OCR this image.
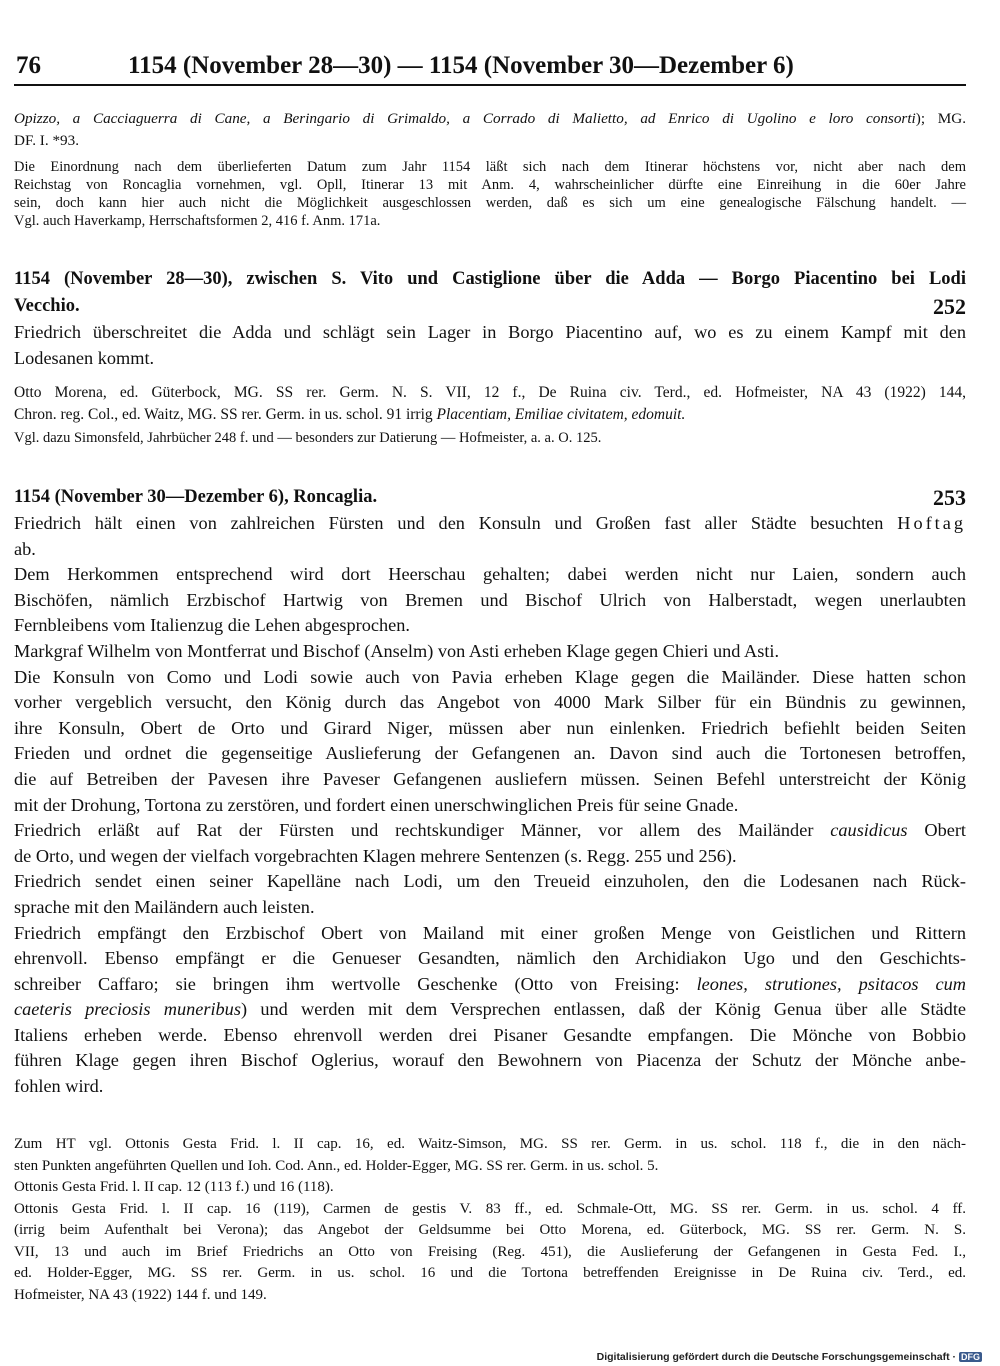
76	1154 (November 28—30) — 1154 (November 30—Dezember 6)
Opizzo, a Cacciaguerra di Cane, a Beringario di Grimaldo, a Corrado di Malietto, ad Enrico di Ugolino e loro consorti); MG.
DF. I. *93.
Die Einordnung nach dem überlieferten Datum zum Jahr 1154 läßt sich nach dem Itinerar höchstens vor, nicht aber nach dem
Reichstag von Roncaglia vornehmen, vgl. Opll, Itinerar 13 mit Anm. 4, wahrscheinlicher dürfte eine Einreihung in die 60er Jahre
sein, doch kann hier auch nicht die Möglichkeit ausgeschlossen werden, daß es sich um eine genealogische Fälschung handelt. —
Vgl. auch Haverkamp, Herrschaftsformen 2, 416 f. Anm. 171a.
1154 (November 28—30), zwischen S. Vito und Castiglione über die Adda — Borgo Piacentino bei Lodi
Vecchio.	252
Friedrich überschreitet die Adda und schlägt sein Lager in Borgo Piacentino auf, wo es zu einem Kampf mit den
Lodesanen kommt.
Otto Morena, ed. Güterbock, MG. SS rer. Germ. N. S. VII, 12 f., De Ruina civ. Terd., ed. Hofmeister, NA 43 (1922) 144,
Chron. reg. Col., ed. Waitz, MG. SS rer. Germ. in us. schol. 91 irrig Placentiam, Emiliae civitatem, edomuit.
Vgl. dazu Simonsfeld, Jahrbücher 248 f. und — besonders zur Datierung — Hofmeister, a. a. O. 125.
1154 (November 30—Dezember 6), Roncaglia.	253
Friedrich hält einen von zahlreichen Fürsten und den Konsuln und Großen fast aller Städte besuchten Hoftag
ab.
Dem Herkommen entsprechend wird dort Heerschau gehalten; dabei werden nicht nur Laien, sondern auch
Bischöfen, nämlich Erzbischof Hartwig von Bremen und Bischof Ulrich von Halberstadt, wegen unerlaubten
Fernbleibens vom Italienzug die Lehen abgesprochen.
Markgraf Wilhelm von Montferrat und Bischof (Anselm) von Asti erheben Klage gegen Chieri und Asti.
Die Konsuln von Como und Lodi sowie auch von Pavia erheben Klage gegen die Mailänder. Diese hatten schon
vorher vergeblich versucht, den König durch das Angebot von 4000 Mark Silber für ein Bündnis zu gewinnen,
ihre Konsuln, Obert de Orto und Girard Niger, müssen aber nun einlenken. Friedrich befiehlt beiden Seiten
Frieden und ordnet die gegenseitige Auslieferung der Gefangenen an. Davon sind auch die Tortonesen betroffen,
die auf Betreiben der Pavesen ihre Paveser Gefangenen ausliefern müssen. Seinen Befehl unterstreicht der König
mit der Drohung, Tortona zu zerstören, und fordert einen unerschwinglichen Preis für seine Gnade.
Friedrich erläßt auf Rat der Fürsten und rechtskundiger Männer, vor allem des Mailänder causidicus Obert
de Orto, und wegen der vielfach vorgebrachten Klagen mehrere Sentenzen (s. Regg. 255 und 256).
Friedrich sendet einen seiner Kapelläne nach Lodi, um den Treueid einzuholen, den die Lodesanen nach Rück-
sprache mit den Mailändern auch leisten.
Friedrich empfängt den Erzbischof Obert von Mailand mit einer großen Menge von Geistlichen und Rittern
ehrenvoll. Ebenso empfängt er die Genueser Gesandten, nämlich den Archidiakon Ugo und den Geschichts-
schreiber Caffaro; sie bringen ihm wertvolle Geschenke (Otto von Freising: leones, strutiones, psitacos cum
caeteris preciosis muneribus) und werden mit dem Versprechen entlassen, daß der König Genua über alle Städte
Italiens erheben werde. Ebenso ehrenvoll werden drei Pisaner Gesandte empfangen. Die Mönche von Bobbio
führen Klage gegen ihren Bischof Oglerius, worauf den Bewohnern von Piacenza der Schutz der Mönche anbe-
fohlen wird.
Zum HT vgl. Ottonis Gesta Frid. l. II cap. 16, ed. Waitz-Simson, MG. SS rer. Germ. in us. schol. 118 f., die in den näch-
sten Punkten angeführten Quellen und Ioh. Cod. Ann., ed. Holder-Egger, MG. SS rer. Germ. in us. schol. 5.
Ottonis Gesta Frid. l. II cap. 12 (113 f.) und 16 (118).
Ottonis Gesta Frid. l. II cap. 16 (119), Carmen de gestis V. 83 ff., ed. Schmale-Ott, MG. SS rer. Germ. in us. schol. 4 ff.
(irrig beim Aufenthalt bei Verona); das Angebot der Geldsumme bei Otto Morena, ed. Güterbock, MG. SS rer. Germ. N. S.
VII, 13 und auch im Brief Friedrichs an Otto von Freising (Reg. 451), die Auslieferung der Gefangenen in Gesta Fed. I.,
ed. Holder-Egger, MG. SS rer. Germ. in us. schol. 16 und die Tortona betreffenden Ereignisse in De Ruina civ. Terd., ed.
Hofmeister, NA 43 (1922) 144 f. und 149.
Digitalisierung gefördert durch die Deutsche Forschungsgemeinschaft · DFG
